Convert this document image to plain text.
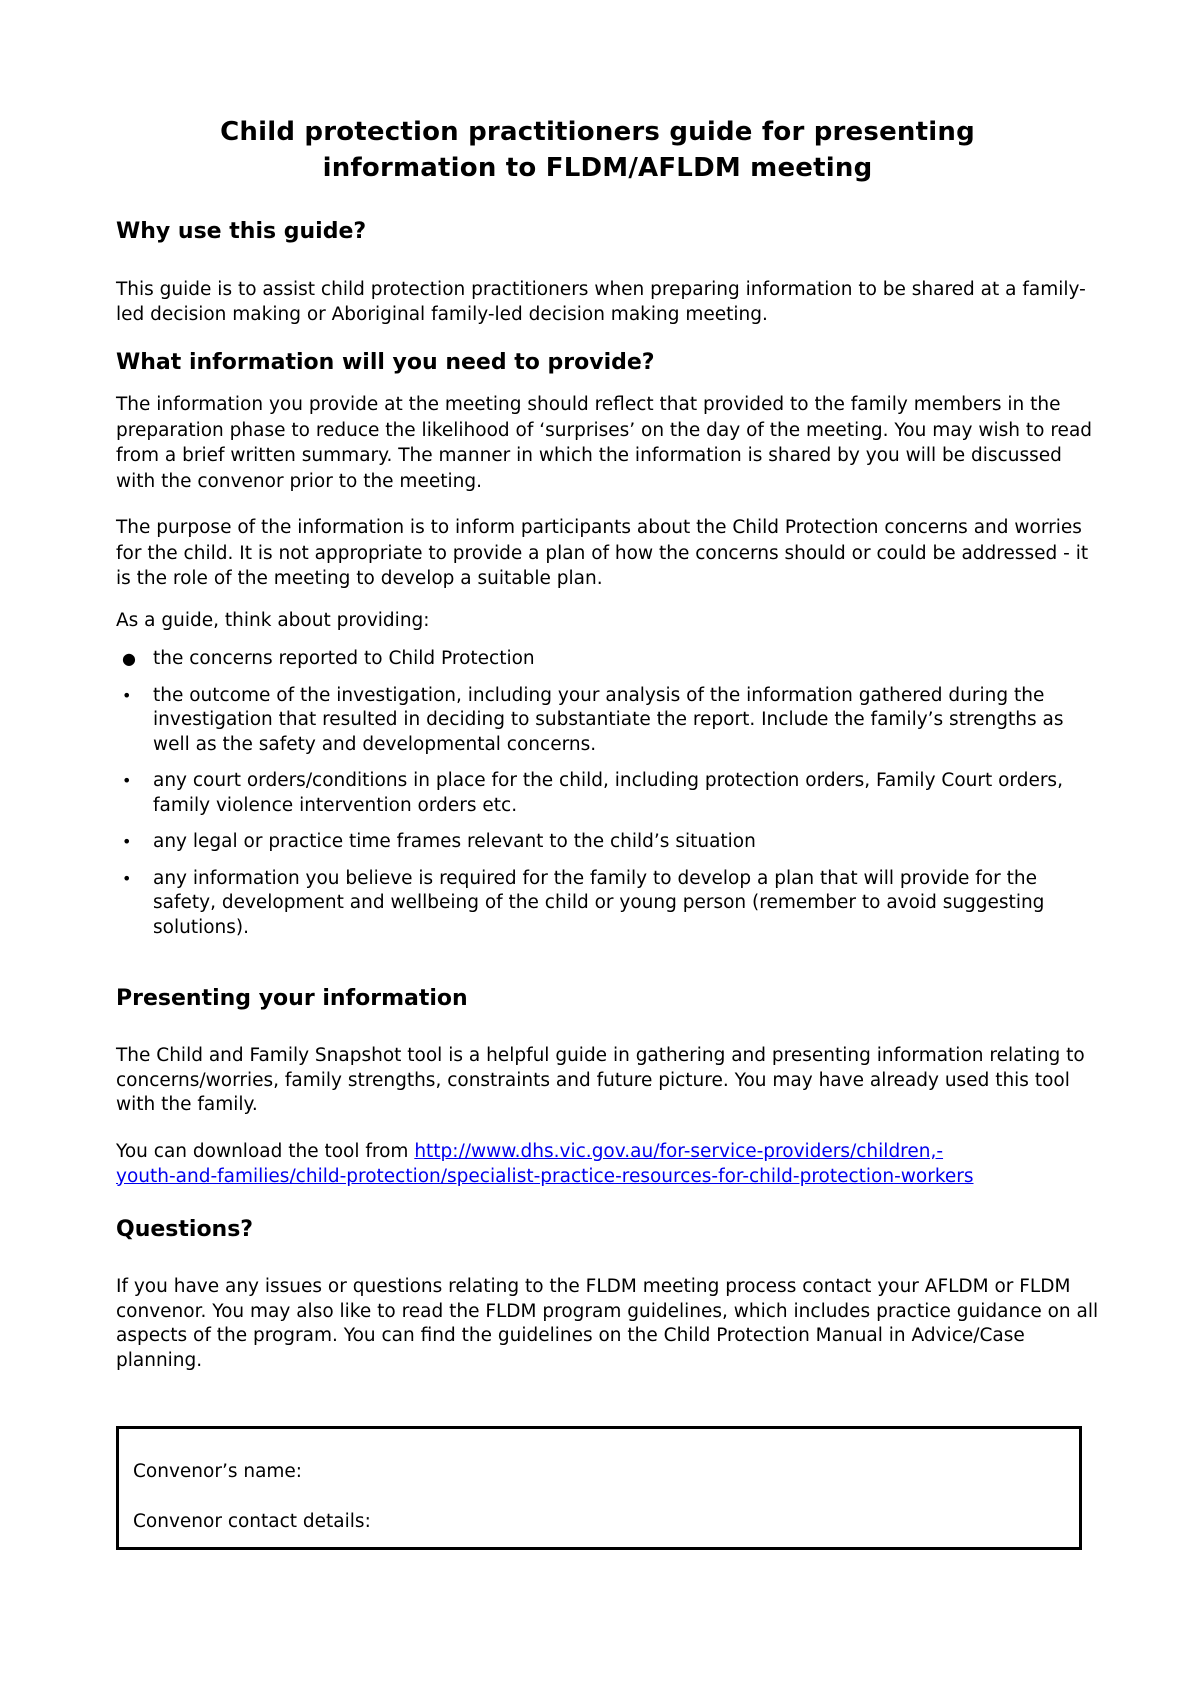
Child protection practitioners guide for presenting
information to FLDM/AFLDM meeting
Why use this guide?

This guide is to assist child protection practitioners when preparing information to be shared at a family-led decision making or Aboriginal family-led decision making meeting.

What information will you need to provide?

The information you provide at the meeting should reflect that provided to the family members in the preparation phase to reduce the likelihood of ‘surprises’ on the day of the meeting. You may wish to read from a brief written summary. The manner in which the information is shared by you will be discussed with the convenor prior to the meeting.

The purpose of the information is to inform participants about the Child Protection concerns and worries for the child. It is not appropriate to provide a plan of how the concerns should or could be addressed - it is the role of the meeting to develop a suitable plan.

As a guide, think about providing:

● the concerns reported to Child Protection
• the outcome of the investigation, including your analysis of the information gathered during the investigation that resulted in deciding to substantiate the report. Include the family’s strengths as well as the safety and developmental concerns.
• any court orders/conditions in place for the child, including protection orders, Family Court orders, family violence intervention orders etc.
• any legal or practice time frames relevant to the child’s situation
• any information you believe is required for the family to develop a plan that will provide for the safety, development and wellbeing of the child or young person (remember to avoid suggesting solutions).
Presenting your information

The Child and Family Snapshot tool is a helpful guide in gathering and presenting information relating to concerns/worries, family strengths, constraints and future picture. You may have already used this tool with the family.

You can download the tool from http://www.dhs.vic.gov.au/for-service-providers/children,-
youth-and-families/child-protection/specialist-practice-resources-for-child-protection-workers

Questions?

If you have any issues or questions relating to the FLDM meeting process contact your AFLDM or FLDM convenor. You may also like to read the FLDM program guidelines, which includes practice guidance on all aspects of the program. You can find the guidelines on the Child Protection Manual in Advice/Case planning.

Convenor’s name:
Convenor contact details:
